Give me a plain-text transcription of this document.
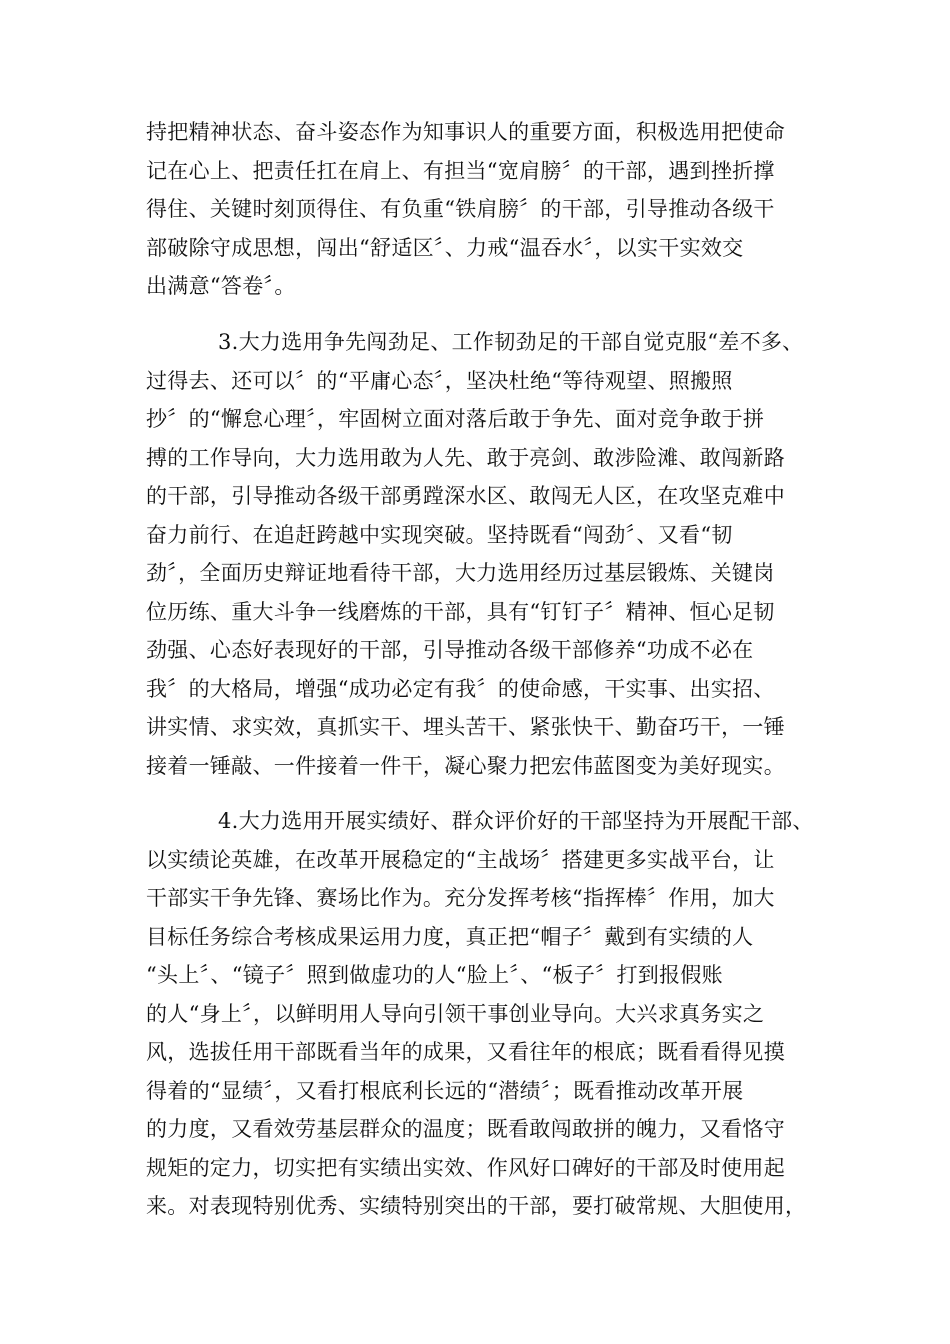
持把精神状态、奋斗姿态作为知事识人的重要方面，积极选用把使命
记在心上、把责任扛在肩上、有担当“宽肩膀〞的干部，遇到挫折撑
得住、关键时刻顶得住、有负重“铁肩膀〞的干部，引导推动各级干
部破除守成思想，闯出“舒适区〞、力戒“温吞水〞，以实干实效交
出满意“答卷〞。
3.大力选用争先闯劲足、工作韧劲足的干部自觉克服“差不多、
过得去、还可以〞的“平庸心态〞，坚决杜绝“等待观望、照搬照
抄〞的“懈怠心理〞，牢固树立面对落后敢于争先、面对竞争敢于拼
搏的工作导向，大力选用敢为人先、敢于亮剑、敢涉险滩、敢闯新路
的干部，引导推动各级干部勇蹚深水区、敢闯无人区，在攻坚克难中
奋力前行、在追赶跨越中实现突破。坚持既看“闯劲〞、又看“韧
劲〞，全面历史辩证地看待干部，大力选用经历过基层锻炼、关键岗
位历练、重大斗争一线磨炼的干部，具有“钉钉子〞精神、恒心足韧
劲强、心态好表现好的干部，引导推动各级干部修养“功成不必在
我〞的大格局，增强“成功必定有我〞的使命感，干实事、出实招、
讲实情、求实效，真抓实干、埋头苦干、紧张快干、勤奋巧干，一锤
接着一锤敲、一件接着一件干，凝心聚力把宏伟蓝图变为美好现实。
4.大力选用开展实绩好、群众评价好的干部坚持为开展配干部、
以实绩论英雄，在改革开展稳定的“主战场〞搭建更多实战平台，让
干部实干争先锋、赛场比作为。充分发挥考核“指挥棒〞作用，加大
目标任务综合考核成果运用力度，真正把“帽子〞戴到有实绩的人
“头上〞、“镜子〞照到做虚功的人“脸上〞、“板子〞打到报假账
的人“身上〞，以鲜明用人导向引领干事创业导向。大兴求真务实之
风，选拔任用干部既看当年的成果，又看往年的根底；既看看得见摸
得着的“显绩〞，又看打根底利长远的“潜绩〞；既看推动改革开展
的力度，又看效劳基层群众的温度；既看敢闯敢拼的魄力，又看恪守
规矩的定力，切实把有实绩出实效、作风好口碑好的干部及时使用起
来。对表现特别优秀、实绩特别突出的干部，要打破常规、大胆使用，
